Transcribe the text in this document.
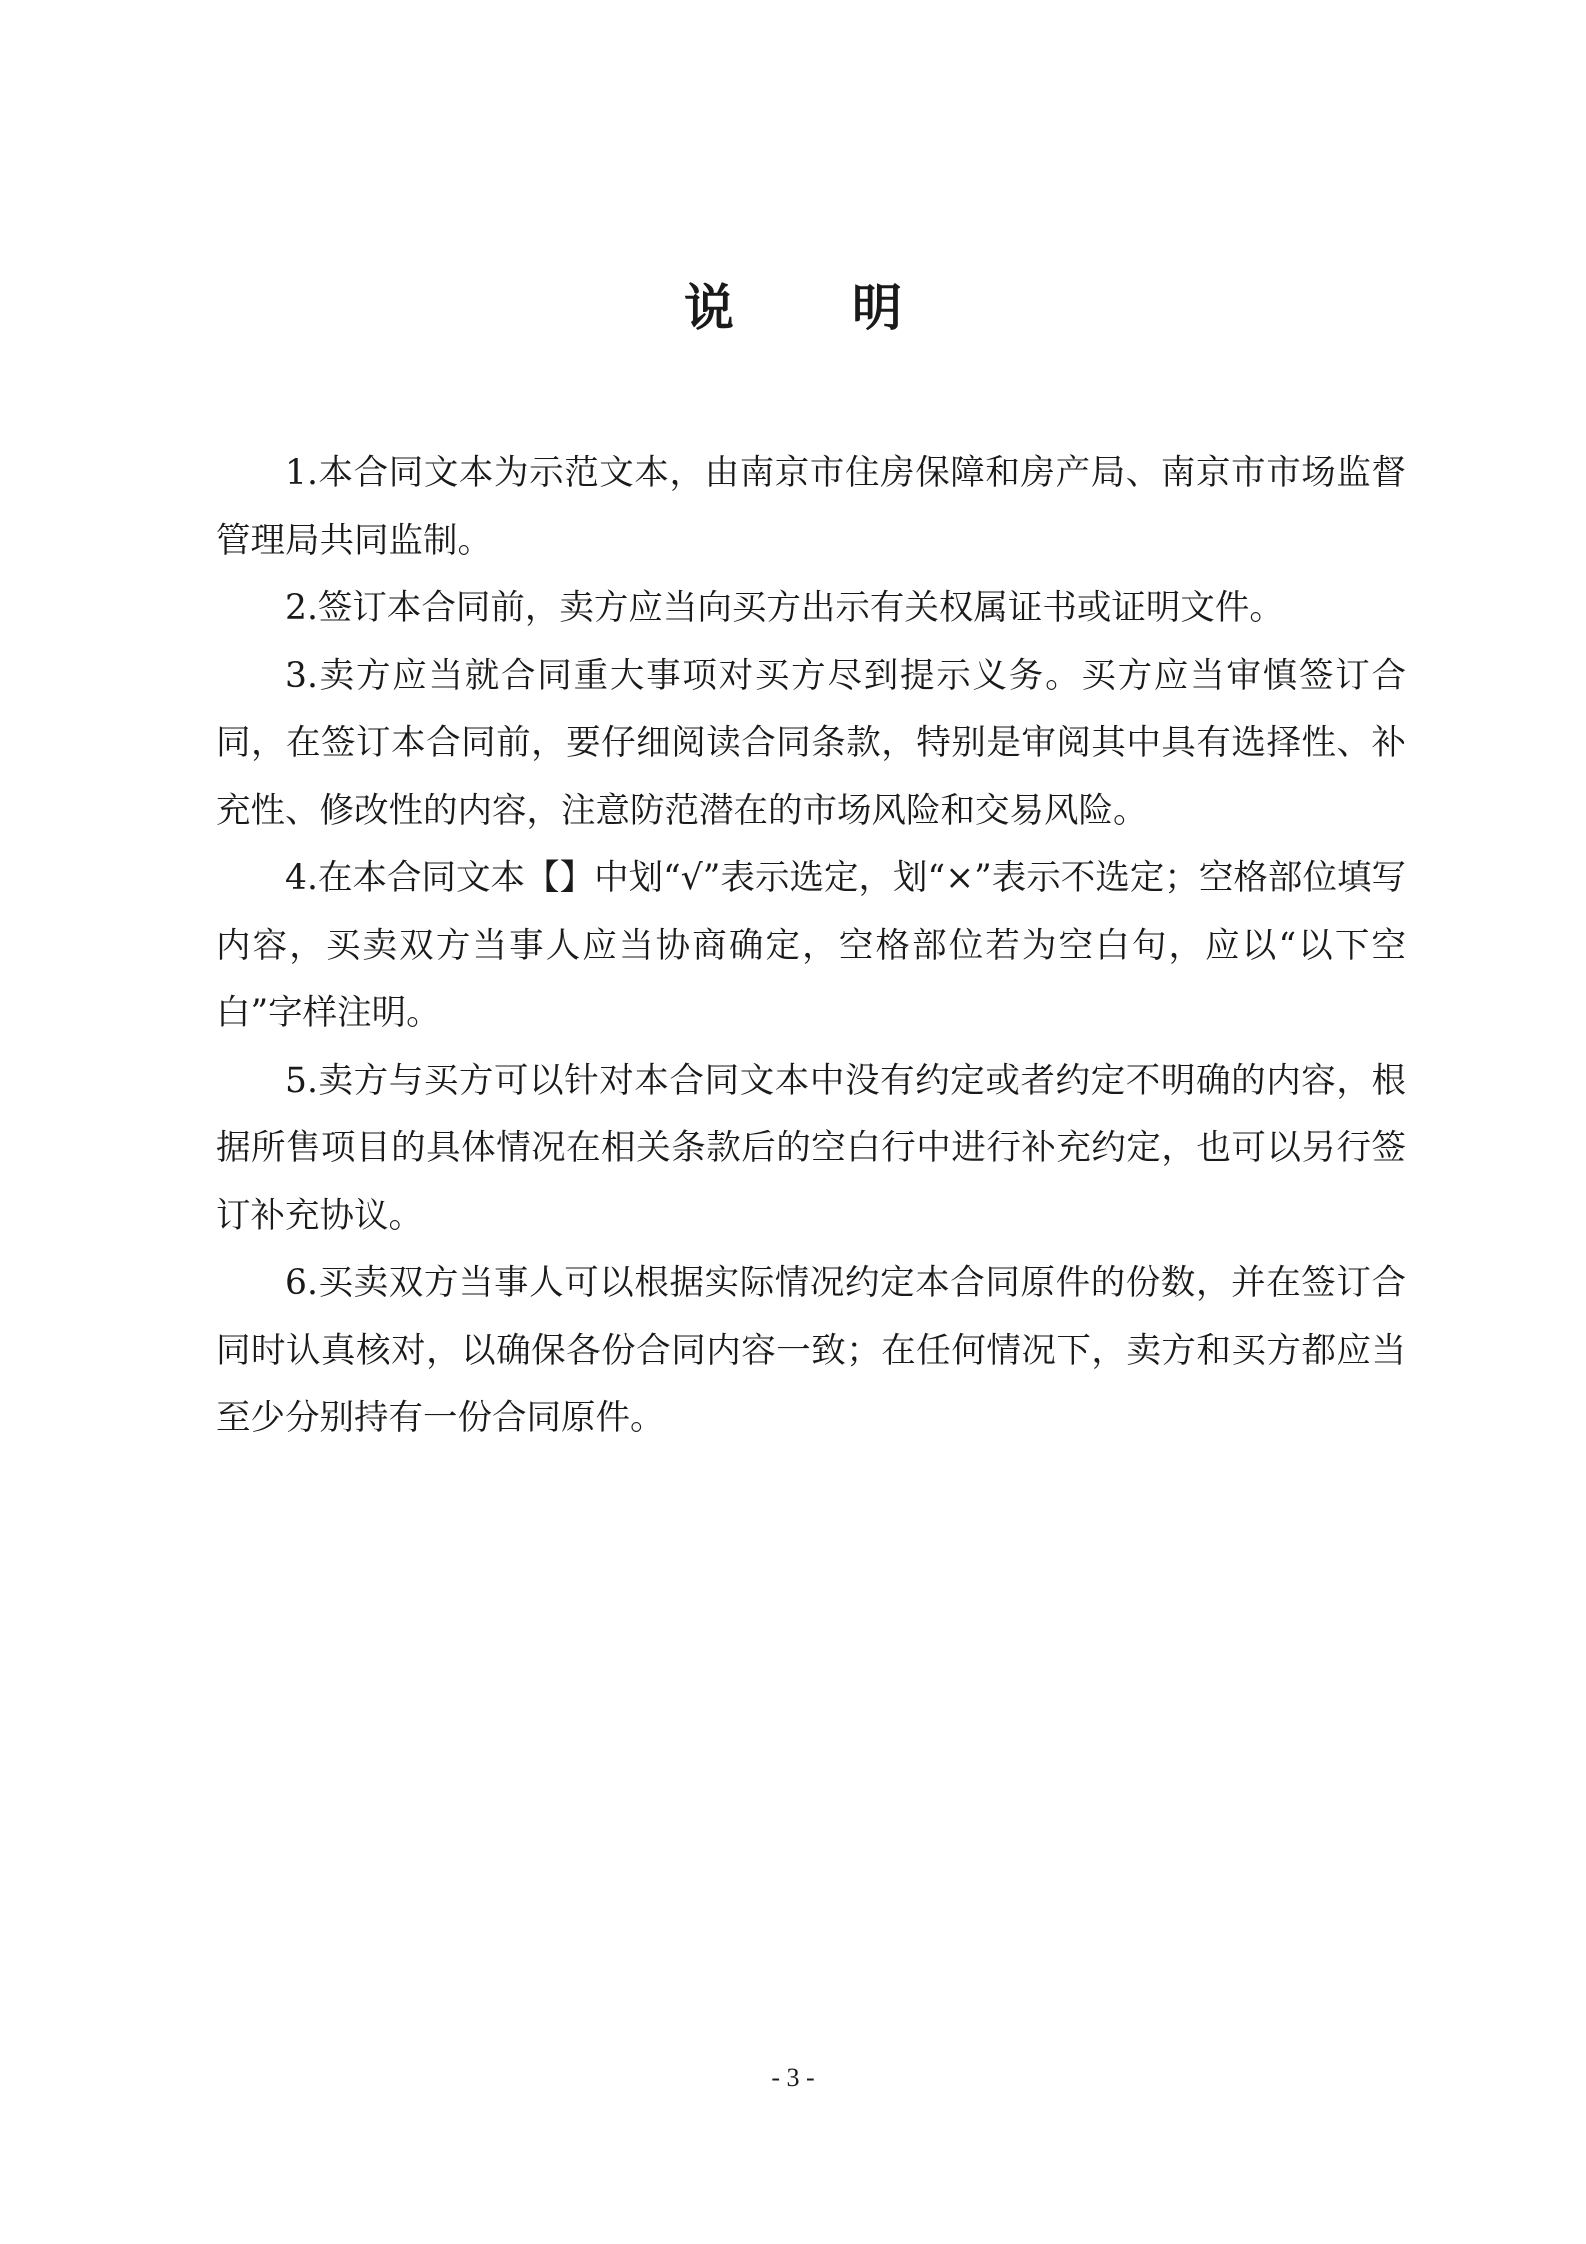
说 明

1.本合同文本为示范文本，由南京市住房保障和房产局、南京市市场监督管理局共同监制。

2.签订本合同前，卖方应当向买方出示有关权属证书或证明文件。

3.卖方应当就合同重大事项对买方尽到提示义务。买方应当审慎签订合同，在签订本合同前，要仔细阅读合同条款，特别是审阅其中具有选择性、补充性、修改性的内容，注意防范潜在的市场风险和交易风险。

4.在本合同文本【】中划“√”表示选定，划“×”表示不选定；空格部位填写内容，买卖双方当事人应当协商确定，空格部位若为空白句，应以“以下空白”字样注明。

5.卖方与买方可以针对本合同文本中没有约定或者约定不明确的内容，根据所售项目的具体情况在相关条款后的空白行中进行补充约定，也可以另行签订补充协议。

6.买卖双方当事人可以根据实际情况约定本合同原件的份数，并在签订合同时认真核对，以确保各份合同内容一致；在任何情况下，卖方和买方都应当至少分别持有一份合同原件。

- 3 -
